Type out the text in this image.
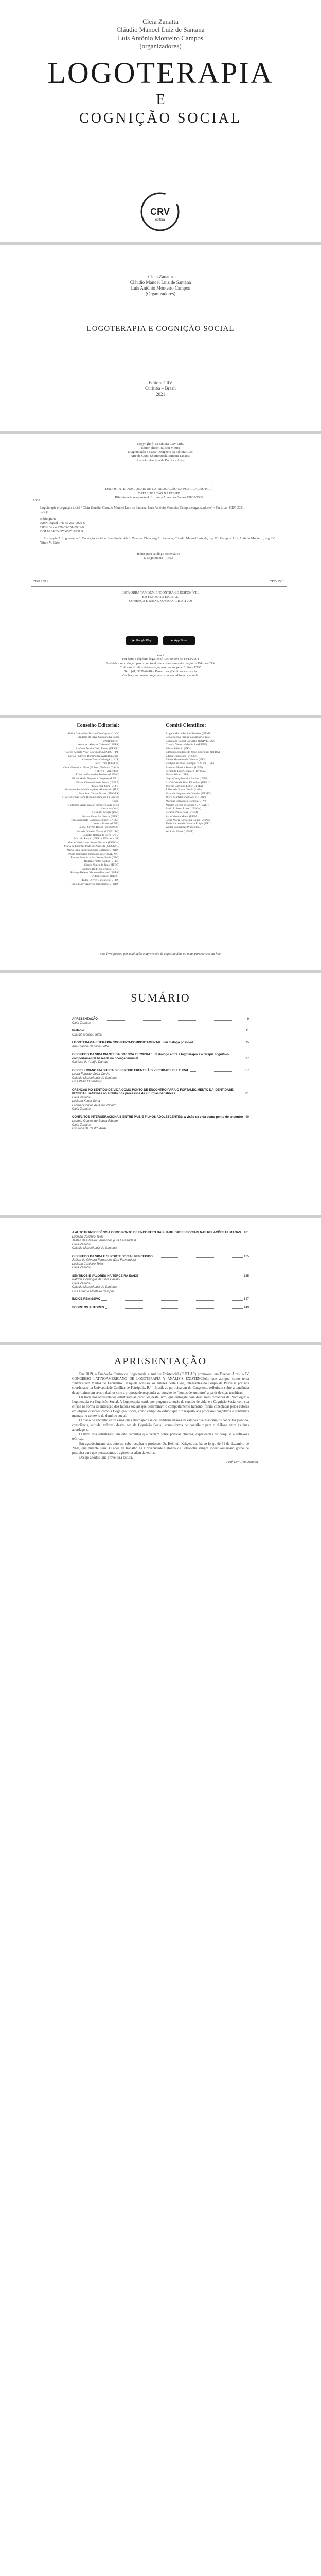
Cleia Zanatta
Cláudio Manoel Luiz de Santana
Luis Antônio Monteiro Campos
(organizadores)
LOGOTERAPIA
E
COGNIÇÃO SOCIAL
CRV
editora
Cleia Zanatta
Cláudio Manoel Luiz de Santana
Luis Antônio Monteiro Campos
(Organizadores)
LOGOTERAPIA E COGNIÇÃO SOCIAL
Editora CRV
Curitiba – Brasil
2021
Copyright © da Editora CRV Ltda.
Editor-chefe: Railson Moura
Diagramação e Capa: Designers da Editora CRV
Arte de Capa: Shutterstock, Simona Tabacsu
Revisão: Analista de Escrita e Artes
DADOS INTERNACIONAIS DE CATALOGAÇÃO NA PUBLICAÇÃO (CIP)
CATALOGAÇÃO NA FONTE
Bibliotecária responsável: Luzenira Alves dos Santos CRB9/1506
L832
Logoterapia e cognição social / Cleia Zanatta, Cláudio Manoel Luiz de Santana, Luis Antônio Monteiro Campos (organizadores) – Curitiba : CRV, 2021.
170 p.
Bibliografia
ISBN Digital 978-65-251-0929-6
ISBN Físico 978-65-251-0931-9
DOI 10.24824/978652510931.9
1. Psicologia 2. Logoterapia 3. Cognição social 4. Sentido de vida I. Zanatta, Cleia, org. II. Santana, Cláudio Manoel Luiz de, org. III. Campos, Luis Antônio Monteiro, org. IV. Título V. Série
Índice para catálogo sistemático
1. Logoterapia – 150.1
CDU 159.9	CDD 150.1
ESTA OBRA TAMBÉM ENCONTRA-SE DISPONÍVEL
EM FORMATO DIGITAL.
CONHEÇA E BAIXE NOSSO APLICATIVO!
▶ Google Play	● App Store
2021
Foi feito o depósito legal conf. Lei 10.994 de 14/12/2004
Proibida a reprodução parcial ou total desta obra sem autorização da Editora CRV
Todos os direitos desta edição reservados pela: Editora CRV
Tel.: (41) 3039-6418 – E-mail: sac@editoracrv.com.br
Conheça os nossos lançamentos: www.editoracrv.com.br
Conselho Editorial:	Comitê Científico:
Aldira Guimarães Duarte Domínguez (UNB)
Andréia da Silva Quintanilha Sousa (UNIR/UFRN)
Anselmo Alencar Colares (UFOPA)
Antônio Pereira Gaio Júnior (UFRRJ)
Carlos Alberto Vilar Estêvão (UMINHO – PT)
Carlos Federico Dominguez Avila (Unieuro)
Carmen Tereza Velanga (UNIR)
Celso Conti (UFSCar)
Cesar Gerónimo Tello (Univer. Nacional Três de Febrero – Argentina)
Eduardo Fernandes Barbosa (UFMG)
Elione Maria Nogueira Diogenes (UFAL)
Elizeu Clementino de Souza (UNEB)
Élsio José Corá (UFFS)
Fernando Antônio Gonçalves Alcoforado (IPB)
Francisco Carlos Duarte (PUC-PR)
Gloria Fariñas León (Universidade de La Havana – Cuba)
Guillermo Arias Beatón (Universidade de La Havana – Cuba)
Helmuth Krüger (UCP)
Jailson Alves dos Santos (UFRJ)
João Adalberto Campato Junior (UNESP)
Josania Portela (UFPI)
Leonel Severo Rocha (UNISINOS)
Lidia de Oliveira Xavier (UNIEURO)
Lourdes Helena da Silva (UFV)
Marcelo Paixão (UFRJ e UTexas – US)
Maria Cristina dos Santos Bezerra (UFSCar)
Maria de Lourdes Pinto de Almeida (UNOESC)
Maria Lília Imbiriba Sousa Colares (UFOPA)
Paulo Romualdo Hernandes (UNIFAL-MG)
Renato Francisco dos Santos Paula (UFG)
Rodrigo Pratte-Santos (UFES)
Sérgio Nunes de Jesus (IFRO)
Simone Rodrigues Pinto (UNB)
Solange Helena Ximenes-Rocha (UFOPA)
Sydione Santos (UEPG)
Tadeu Oliver Gonçalves (UFPA)
Tania Suely Azevedo Brasileiro (UFOPA)
Ángela Maria Rubino Sánchez (UFMS)
Célia Regina Pereira da Silva (UFRGS)
Christiane Cabral Carvalho (UNIVERSO)
Claudia Victoria Marcia Lo (UFPE)
Edson Schimid (UFV)
Edmundo Piedade de Jesus Rodrigues (UFBA)
Edson Guimarães (UFCG)
Eliane Monteiro de Oliveira (UFV)
Evelyn Cristine Gaviraghi da Silva (UFF)
Faustino Martins Barros (UFJF)
Fernando Luiz Gonzalez Rey (UnB)
Flávio Silva (UFPA)
Geysa Gonçalves dos Santos (UFPE)
Iria Vitória da Silva Kinoshita (UFRJ)
José de Carvalho Leite (UFMA)
Juliana de Souza Garcia (UnB)
Marcela Nogueira de Oliveira (UFMT)
Maria Madalena Santos (PUC-PR)
Mariana Fernandes Bonilha (UFV)
Miriam Coelho de Souza (UNIVASF)
Paulo Roberto Lima (UFSCar)
Ricardo Pinto Rosa (UERJ)
Sara Cristina Matos (UFPA)
Sonia Maria Kovaleski Couto (UFPR)
Thaís Barreto de Oliveira Roque (UFU)
Walter Guimarães Prado (UEL)
Walkiria Viana (UFMT)
Este livro passou por avaliação e aprovação às cegas de dois ou mais pareceristas ad hoc.
SUMÁRIO
APRESENTAÇÃO	9
Cleia Zanatta
Prefácio	11
Claudio Garcia Pintos
LOGOTERAPIA E TERAPIA COGNITIVO-COMPORTAMENTAL: um diálogo possível	15
Ana Claudia de Silva Zeffa
O SENTIDO DA VIDA DIANTE DA DOENÇA TERMINAL: um diálogo entre a logoterapia e a terapia cognitivo-comportamental baseada na doença terminal	37
Clarisse de Araújo Dantas
O SER HUMANO EM BUSCA DE SENTIDO FRENTE À DIVERSIDADE CULTURAL	57
Laura Furtado Vieira Cunha
Cláudio Manoel Luiz de Santana
Luís Pêllio Ouviedgys
CRENÇAS NO SENTIDO DE VIDA COMO PONTO DE ENCONTRO PARA O FORTALECIMENTO DA IDENTIDADE PESSOAL: reflexões no âmbito dos processos de cirurgias bariátricas	81
Cleia Zanatta
Luciana Kauer Sena
Laomar Gomes de Assis Ribeiro
Cleia Zanatta
CONFLITOS INTERGERACIONAIS ENTRE PAIS E FILHOS ADOLESCENTES: a visão da vida como ponto de encontro 99
Laomar Gomes de Souza Ribeiro
Cleia Zanatta
Cristiane de Castro Araki
A AUTOTRANSCEDÊNCIA COMO PONTO DE ENCONTRO DAS HABILIDADES SOCIAIS NAS RELAÇÕES HUMANAS 101
Luciana Cordeiro Teles
Jaélen de Oliveira Fernandes (Dra Fernandes)
Cleia Zanatta
Cláudio Manoel Luiz de Santana
O SENTIDO DA VIDA E SUPORTE SOCIAL PERCEBIDO	125
Jaélen de Oliveira Fernandes (Dra Fernandes)
Luciana Cordeiro Teles
Cleia Zanatta
SENTIDOS E VALORES NA TERCEIRA IDADE	135
Patrícia Domingos da Silva Coelho
Cleia Zanatta
Cláudio Manoel Luiz de Santana
Luís Antônio Monteiro Campos
ÍNDICE REMISSIVO	147
SOBRE OS AUTORES	149
APRESENTAÇÃO

Em 2019, a Fundação Centro de Logoterapia e Análise Existencial (FUCLAE) promoveu, em Buenos Aires, o IV CONGRESO LATINOAMERICANO DE LOGOTERAPIA Y ANÁLISIS EXISTENCIAL, que abrigou como tema "Diversidad! Puntos de Encuentro". Naquela ocasião, os autores deste livro, integrantes do Grupo de Pesquisa por nós coordenado na Universidade Católica de Petrópolis, RJ – Brasil, ao participarem do Congresso, refletiram sobre a tendência de aproximarem seus trabalhos com a proposta de responder ao convite de "pontos de encontro" a partir de suas temáticas.

Os trabalhos apresentados estruturam-se capítulos deste livro, que dialogam com duas áreas temáticas da Psicologia: a Logoterapia e a Cognição Social. A Logoterapia, tendo por pergunta a noção de sentido de vida, e a Cognição Social com sua ênfase na forma de interação dos fatores sociais que determinam o comportamento humano, foram conectadas pelos autores em objetos distintos como a Cognição Social, como campo do estudo que diz respeito aos processos cognitivos e conteúdos mentais no contexto do domínio social.

O plano de encontro entre essas duas abordagens se deu também através de estudos que associam os conceitos (sentido, consciência, atitude, valores) destes aos da Cognição Social, como forma de contribuir para o diálogo entre as duas abordagens.

O livro está estruturado em oito capítulos que versam sobre práticas clínicas, experiências de pesquisa e reflexões teóricas.

Em agradecimento aos autores, cabe ressaltar o professor Dr. Helmuth Krüger, que há ao longo de 31 de dezembro de 2020, que durante seus 30 anos de trabalho na Universidade Católica de Petrópolis sempre incentivou nosso grupo de pesquisa para que pensássemos e agíssemos além da teoria.

Desejo a todos uma proveitosa leitura.

Profª Drª Cleia Zanatta
